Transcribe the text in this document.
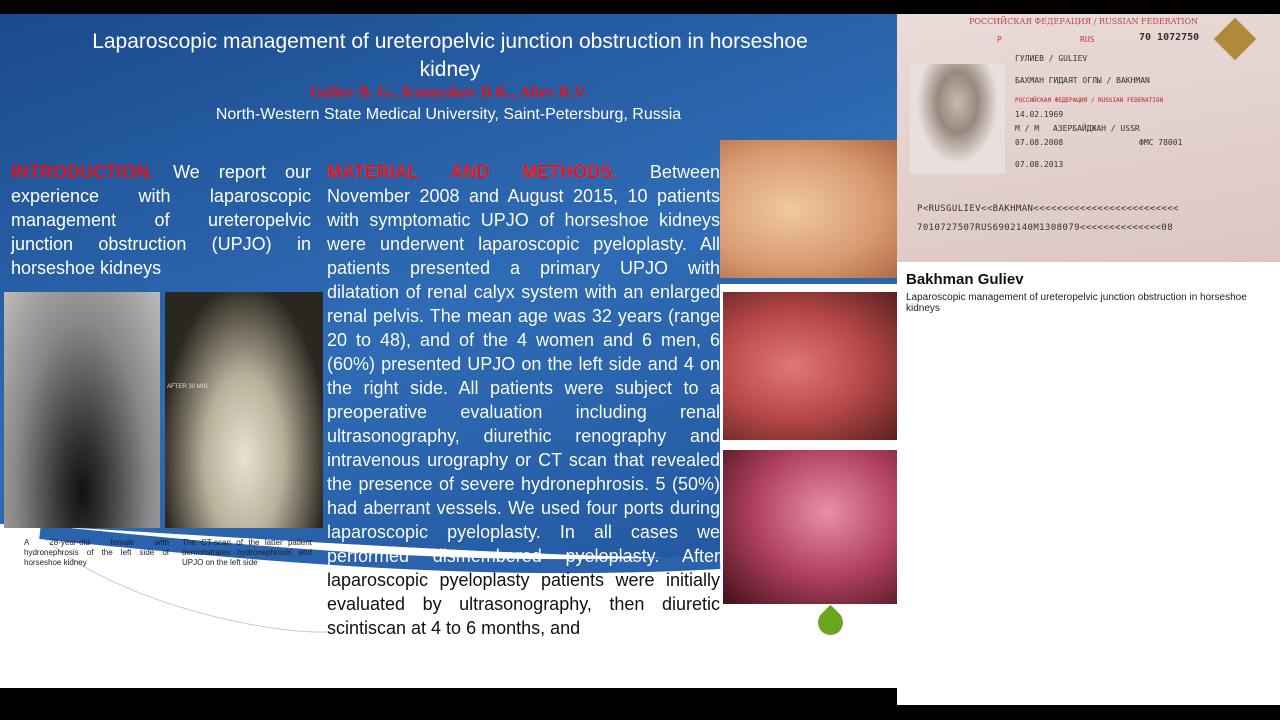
Laparoscopic management of ureteropelvic junction obstruction in horseshoe kidney
Guliev B. G., Komyakov B.K., Aliev R.V.
North-Western State Medical University, Saint-Petersburg, Russia
INTRODUCTION. We report our experience with laparoscopic management of ureteropelvic junction obstruction (UPJO) in horseshoe kidneys
MATERIAL AND METHODS. Between November 2008 and August 2015, 10 patients with symptomatic UPJO of horseshoe kidneys were underwent laparoscopic pyeloplasty. All patients presented a primary UPJO with dilatation of renal calyx system with an enlarged renal pelvis. The mean age was 32 years (range 20 to 48), and of the 4 women and 6 men, 6 (60%) presented UPJO on the left side and 4 on the right side. All patients were subject to a preoperative evaluation including renal ultrasonography, diurethic renography and intravenous urography or CT scan that revealed the presence of severe hydronephrosis. 5 (50%) had aberrant vessels. We used four ports during laparoscopic pyeloplasty. In all cases we performed dismembered pyeloplasty. After laparoscopic pyeloplasty patients were initially evaluated by ultrasonography, then diuretic scintiscan at 4 to 6 months, and
AFTER 30 MIN
A 28-year-old female with hydronephrosis of the left side of horseshoe kidney
The CT-scan of the latter patient demonstrates hydronephrosis and UPJO on the left side
РОССИЙСКАЯ ФЕДЕРАЦИЯ / RUSSIAN FEDERATION
P	RUS	70 1072750
ГУЛИЕВ / GULIEV
БАХМАН ГИДАЯТ ОГЛЫ / BAKHMAN
РОССИЙСКАЯ ФЕДЕРАЦИЯ / RUSSIAN FEDERATION
14.02.1969
M / M АЗЕРБАЙДЖАН / USSR
07.08.2008	ФМС 78001
07.08.2013
P<RUSGULIEV<<BAKHMAN<<<<<<<<<<<<<<<<<<<<<<<<<
7010727507RUS6902140M1308079<<<<<<<<<<<<<<08
Bakhman Guliev
Laparoscopic management of ureteropelvic junction obstruction in horseshoe kidneys
